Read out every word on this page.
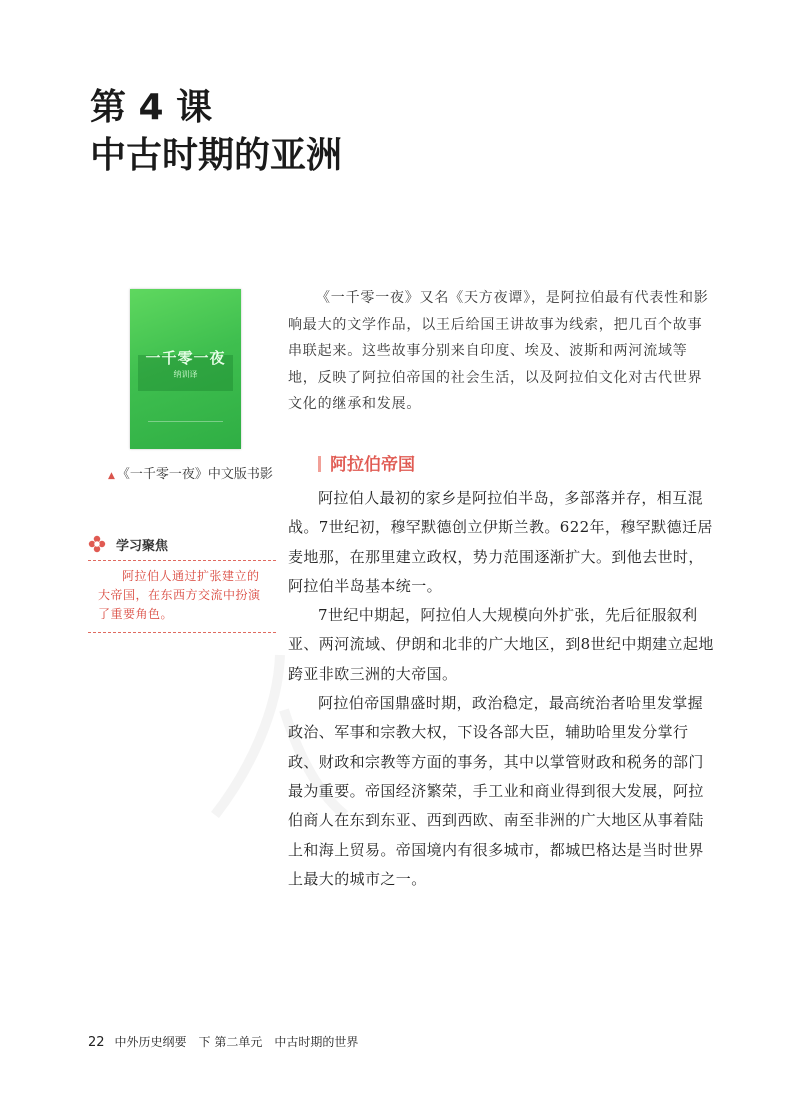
第 4 课
中古时期的亚洲
一千零一夜
纳训译
▲ 《一千零一夜》中文版书影
学习聚焦
阿拉伯人通过扩张建立的大帝国，在东西方交流中扮演了重要角色。

《一千零一夜》又名《天方夜谭》，是阿拉伯最有代表性和影响最大的文学作品，以王后给国王讲故事为线索，把几百个故事串联起来。这些故事分别来自印度、埃及、波斯和两河流域等地，反映了阿拉伯帝国的社会生活，以及阿拉伯文化对古代世界文化的继承和发展。

阿拉伯帝国

阿拉伯人最初的家乡是阿拉伯半岛，多部落并存，相互混战。7世纪初，穆罕默德创立伊斯兰教。622年，穆罕默德迁居麦地那，在那里建立政权，势力范围逐渐扩大。到他去世时，阿拉伯半岛基本统一。

7世纪中期起，阿拉伯人大规模向外扩张，先后征服叙利亚、两河流域、伊朗和北非的广大地区，到8世纪中期建立起地跨亚非欧三洲的大帝国。

阿拉伯帝国鼎盛时期，政治稳定，最高统治者哈里发掌握政治、军事和宗教大权，下设各部大臣，辅助哈里发分掌行政、财政和宗教等方面的事务，其中以掌管财政和税务的部门最为重要。帝国经济繁荣，手工业和商业得到很大发展，阿拉伯商人在东到东亚、西到西欧、南至非洲的广大地区从事着陆上和海上贸易。帝国境内有很多城市，都城巴格达是当时世界上最大的城市之一。

22 中外历史纲要　下 第二单元　中古时期的世界
